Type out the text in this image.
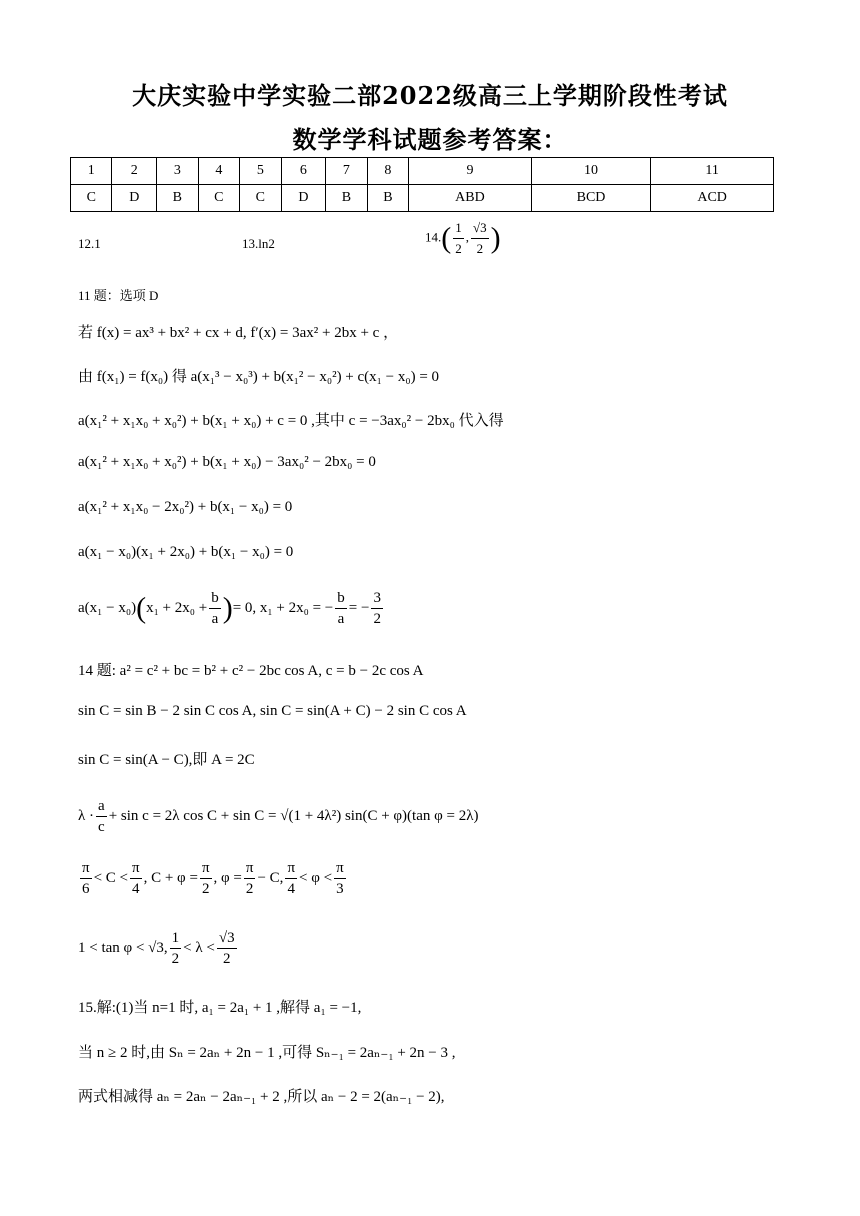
大庆实验中学实验二部2022级高三上学期阶段性考试
数学学科试题参考答案：
1	2	3	4	5	6	7	8	9	10	11
C	D	B	C	C	D	B	B	ABD	BCD	ACD
12.1	13.ln2	$14.( \frac{1}{2}$ , $\frac{√3}{2}$ )
11 题：选项 D
若 f(x) = ax³ + bx² + cx + d, f′(x) = 3ax² + 2bx + c ，
由 f(x₁) = f(x₀) 得 a(x₁³ − x₀³) + b(x₁² − x₀²) + c(x₁ − x₀) = 0
a(x₁² + x₁x₀ + x₀²) + b(x₁ + x₀) + c = 0 ,其中 c = −3ax₀² − 2bx₀ 代入得
a(x₁² + x₁x₀ + x₀²) + b(x₁ + x₀) − 3ax₀² − 2bx₀ = 0
a(x₁² + x₁x₀ − 2x₀²) + b(x₁ − x₀) = 0
a(x₁ − x₀)(x₁ + 2x₀) + b(x₁ − x₀) = 0
$a(x_1 - x_0)(x_1 + 2x_0 + \frac{b}{a}$ )= 0, x₁ + 2x₀ = − $\frac{b}{a}$ = − $\frac{3}{2}$
14 题: a² = c² + bc = b² + c² − 2bc cos A, c = b − 2c cos A
sin C = sin B − 2 sin C cos A, sin C = sin(A + C) − 2 sin C cos A
sin C = sin(A − C),即 A = 2C
$\lambda \cdot \frac{a}{c} + \sin c = 2\lambda$ cos C + sin C = √(1 + 4λ²) sin(C + φ)(tan φ = 2λ)
$\frac{\pi}{6} < C < \frac{\pi}{4}$ , $C + \varphi = \frac{\pi}{2}$ , $\varphi = \frac{\pi}{2} - C$, $\frac{\pi}{4} < \varphi < \frac{\pi}{3}$
1 < tan φ < √3, $\frac{1}{2} < \lambda < \frac{√3}{2}$
15.解:(1)当 n=1 时, a₁ = 2a₁ + 1 ,解得 a₁ = −1,
当 n ≥ 2 时,由 Sₙ = 2aₙ + 2n − 1 ,可得 Sₙ₋₁ = 2aₙ₋₁ + 2n − 3 ,
两式相减得 aₙ = 2aₙ − 2aₙ₋₁ + 2 ,所以 aₙ − 2 = 2(aₙ₋₁ − 2),
